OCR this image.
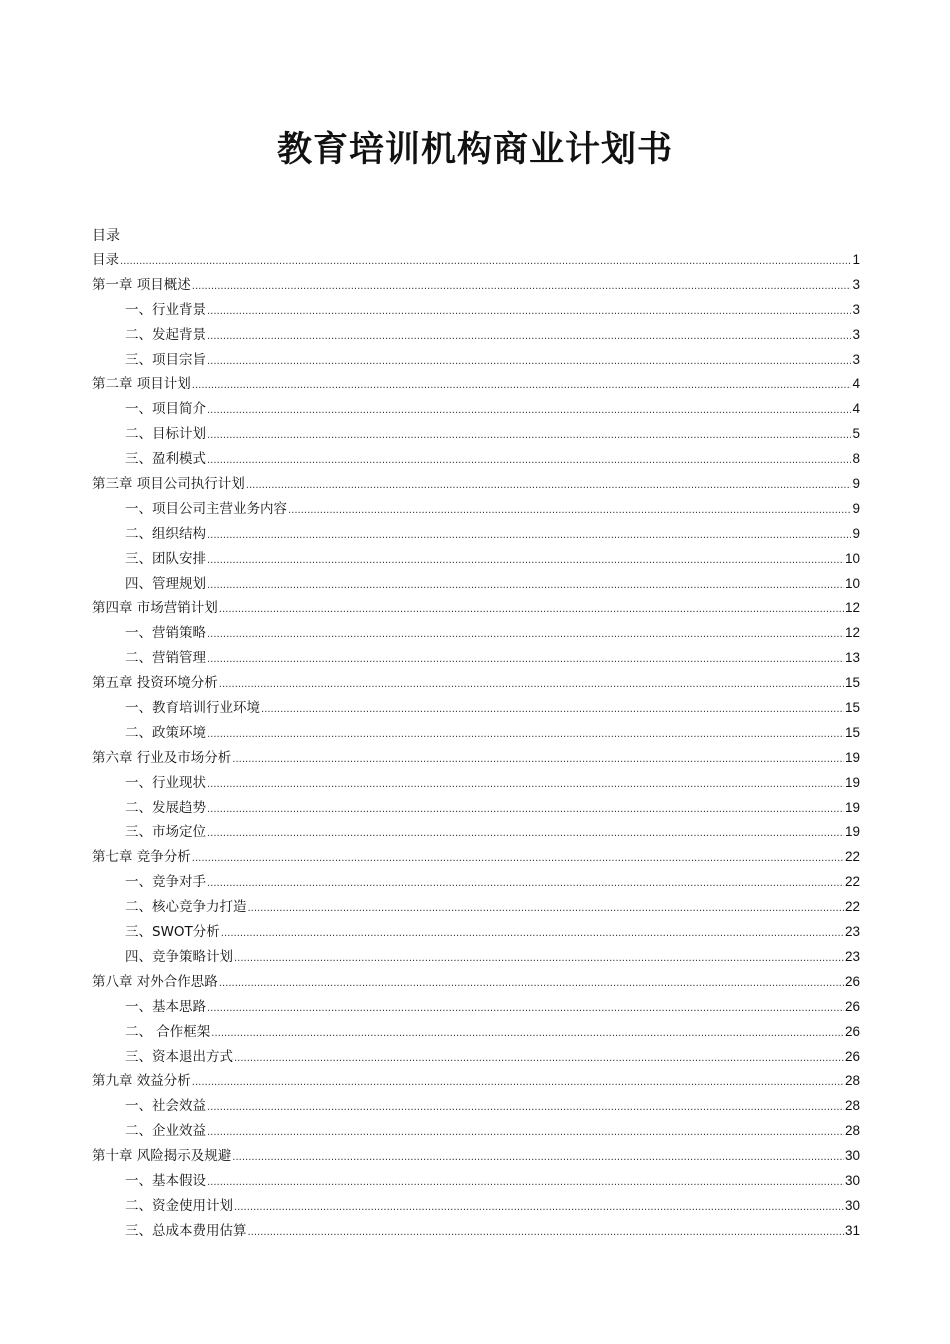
教育培训机构商业计划书
目录
目录 .....	1
第一章 项目概述 .....	3
一、行业背景 .....	3
二、发起背景 .....	3
三、项目宗旨 .....	3
第二章 项目计划 .....	4
一、项目简介 .....	4
二、目标计划 .....	5
三、盈利模式 .....	8
第三章 项目公司执行计划 .....	9
一、项目公司主营业务内容 .....	9
二、组织结构 .....	9
三、团队安排 .....	10
四、管理规划 .....	10
第四章 市场营销计划 .....	12
一、营销策略 .....	12
二、营销管理 .....	13
第五章 投资环境分析 .....	15
一、教育培训行业环境 .....	15
二、政策环境 .....	15
第六章 行业及市场分析 .....	19
一、行业现状 .....	19
二、发展趋势 .....	19
三、市场定位 .....	19
第七章 竞争分析 .....	22
一、竞争对手 .....	22
二、核心竞争力打造 .....	22
三、SWOT分析 .....	23
四、竞争策略计划 .....	23
第八章 对外合作思路 .....	26
一、基本思路 .....	26
二、 合作框架 .....	26
三、资本退出方式 .....	26
第九章 效益分析 .....	28
一、社会效益 .....	28
二、企业效益 .....	28
第十章 风险揭示及规避 .....	30
一、基本假设 .....	30
二、资金使用计划 .....	30
三、总成本费用估算 .....	31
